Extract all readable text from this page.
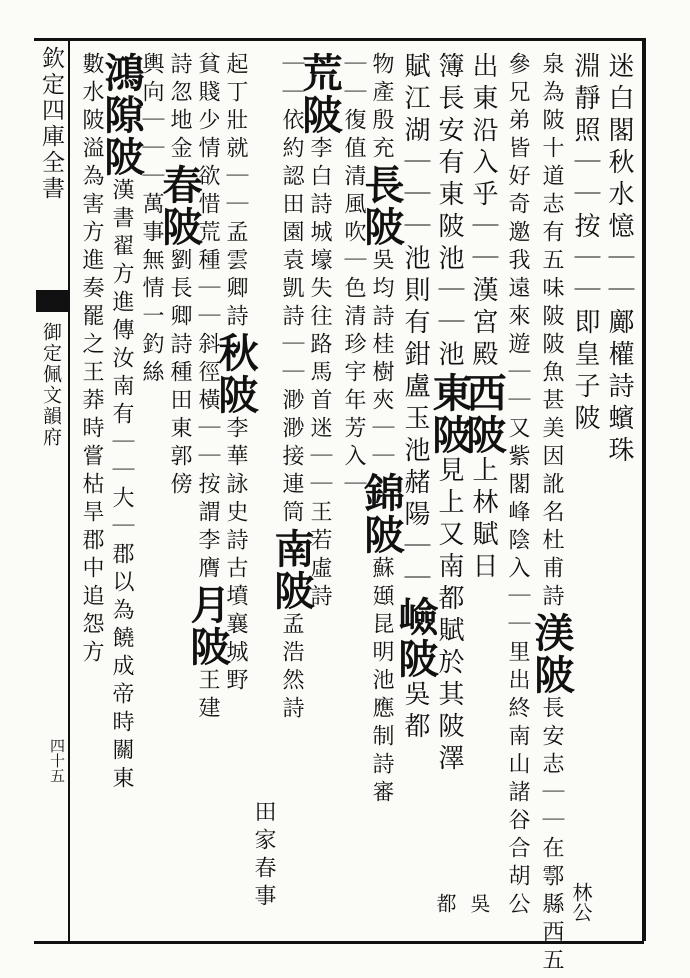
欽定四庫全書
御定佩文韻府
四十五
迷白閣秋水憶｜｜鄺權詩蠙珠
淵靜照｜｜按｜｜即皇子陂
泉為陂十道志有五味陂陂魚甚美因訛名杜甫詩渼陂長安志｜｜在鄠縣西五
參兄弟皆好奇邀我遠來遊｜｜又紫閣峰陰入｜｜里出終南山諸谷合胡公
出東沿入乎｜｜漢宮殿西陂上林賦日
簿長安有東陂池｜｜池東陂見上又南都賦於其陂澤
賦江湖｜｜｜池則有鉗盧玉池赭陽｜｜嶮陂吳都
物產殷充長陂吳均詩桂樹夾｜｜錦陂蘇頲昆明池應制詩審
｜｜復值清風吹｜色清珍宇年芳入｜
荒陂李白詩城壕失往路馬首迷｜｜王若虛詩
｜｜依約認田園袁凱詩｜｜渺渺接連筒南陂孟浩然詩
田家春事
起丁壯就｜｜孟雲卿詩秋陂李華詠史詩古墳襄城野
貧賤少情欲惜荒種｜｜斜徑橫｜｜按謂李膺月陂王建
詩忽地金春陂劉長卿詩種田東郭傍
輿向｜｜｜萬事無情一釣絲
鴻隙陂漢書翟方進傳汝南有｜｜大｜郡以為饒成帝時關東
數水陂溢為害方進奏罷之王莽時嘗枯旱郡中追怨方
林公
吳
都
